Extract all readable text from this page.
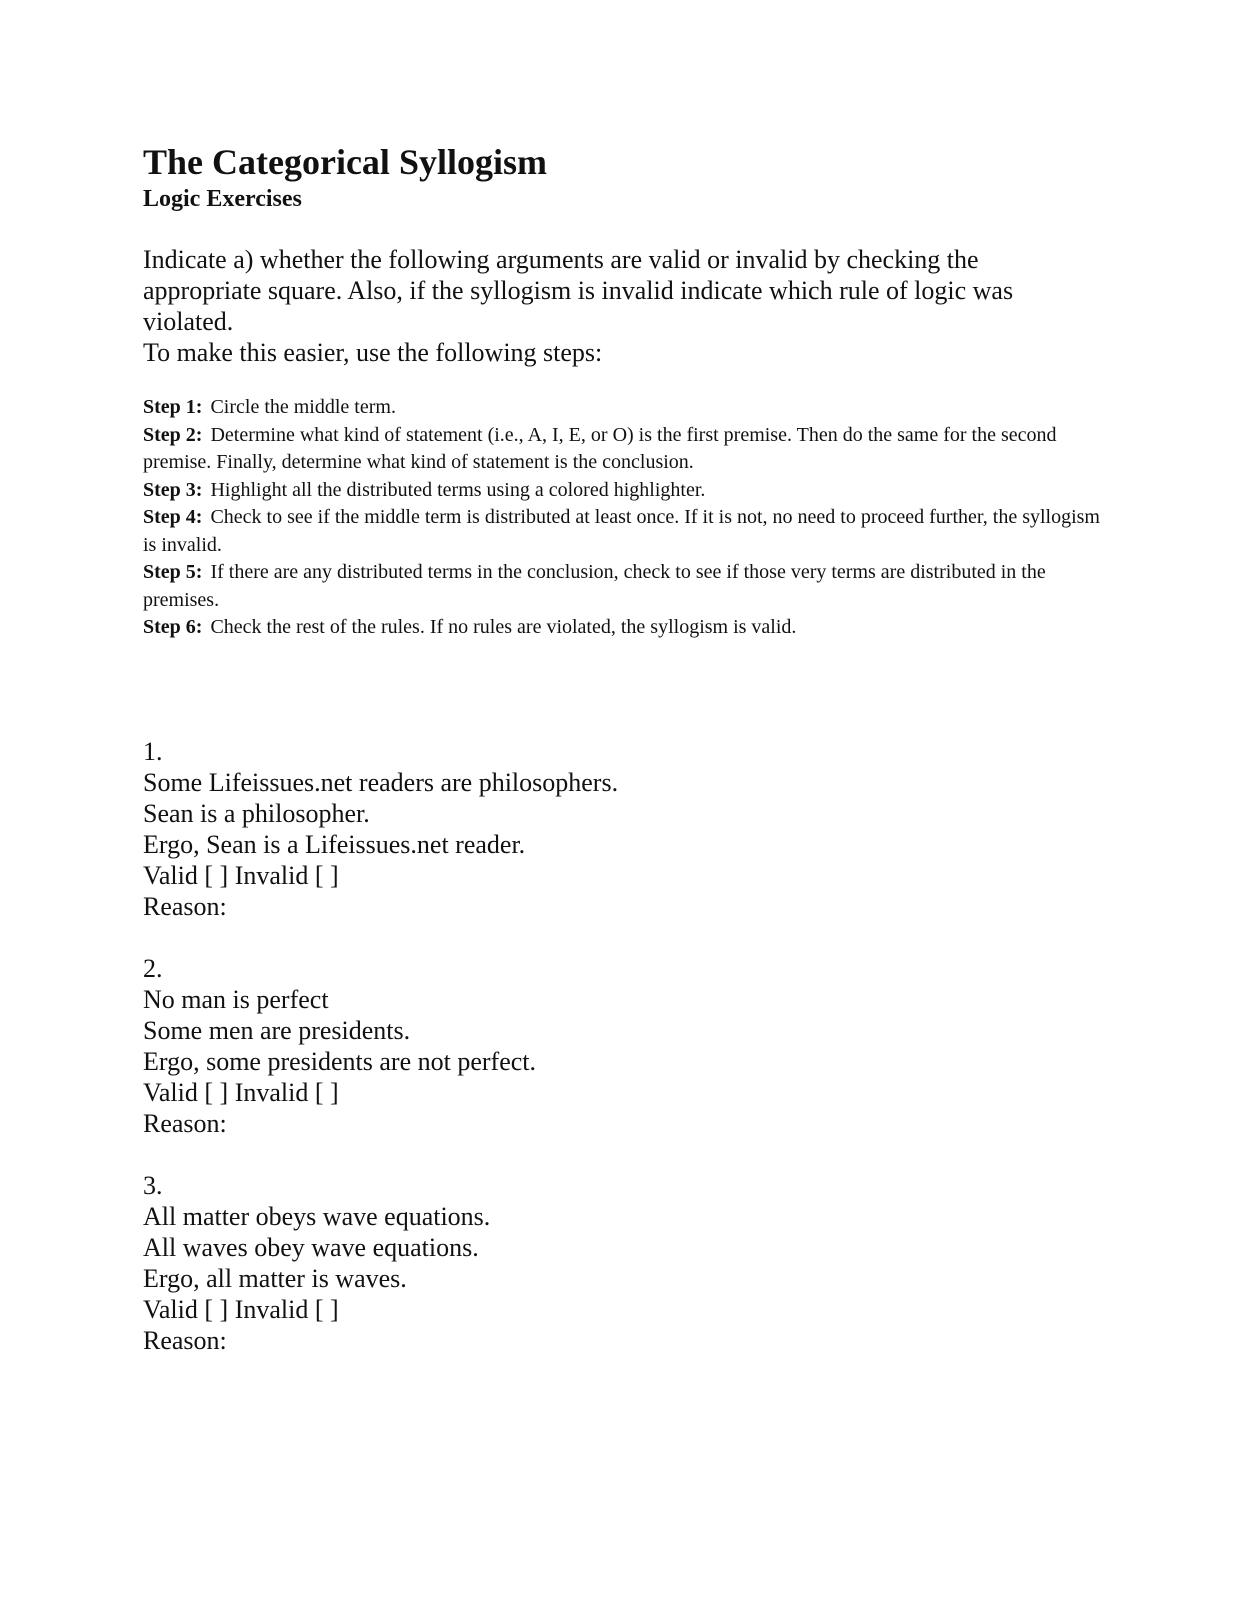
The Categorical Syllogism
Logic Exercises

Indicate a) whether the following arguments are valid or invalid by checking the appropriate square. Also, if the syllogism is invalid indicate which rule of logic was violated.

To make this easier, use the following steps:

Step 1: Circle the middle term.

Step 2: Determine what kind of statement (i.e., A, I, E, or O) is the first premise. Then do the same for the second premise. Finally, determine what kind of statement is the conclusion.

Step 3: Highlight all the distributed terms using a colored highlighter.

Step 4: Check to see if the middle term is distributed at least once. If it is not, no need to proceed further, the syllogism is invalid.

Step 5: If there are any distributed terms in the conclusion, check to see if those very terms are distributed in the premises.

Step 6: Check the rest of the rules. If no rules are violated, the syllogism is valid.

1.
Some Lifeissues.net readers are philosophers.
Sean is a philosopher.
Ergo, Sean is a Lifeissues.net reader.
Valid [ ] Invalid [ ]
Reason:
2.
No man is perfect
Some men are presidents.
Ergo, some presidents are not perfect.
Valid [ ] Invalid [ ]
Reason:
3.
All matter obeys wave equations.
All waves obey wave equations.
Ergo, all matter is waves.
Valid [ ] Invalid [ ]
Reason:
